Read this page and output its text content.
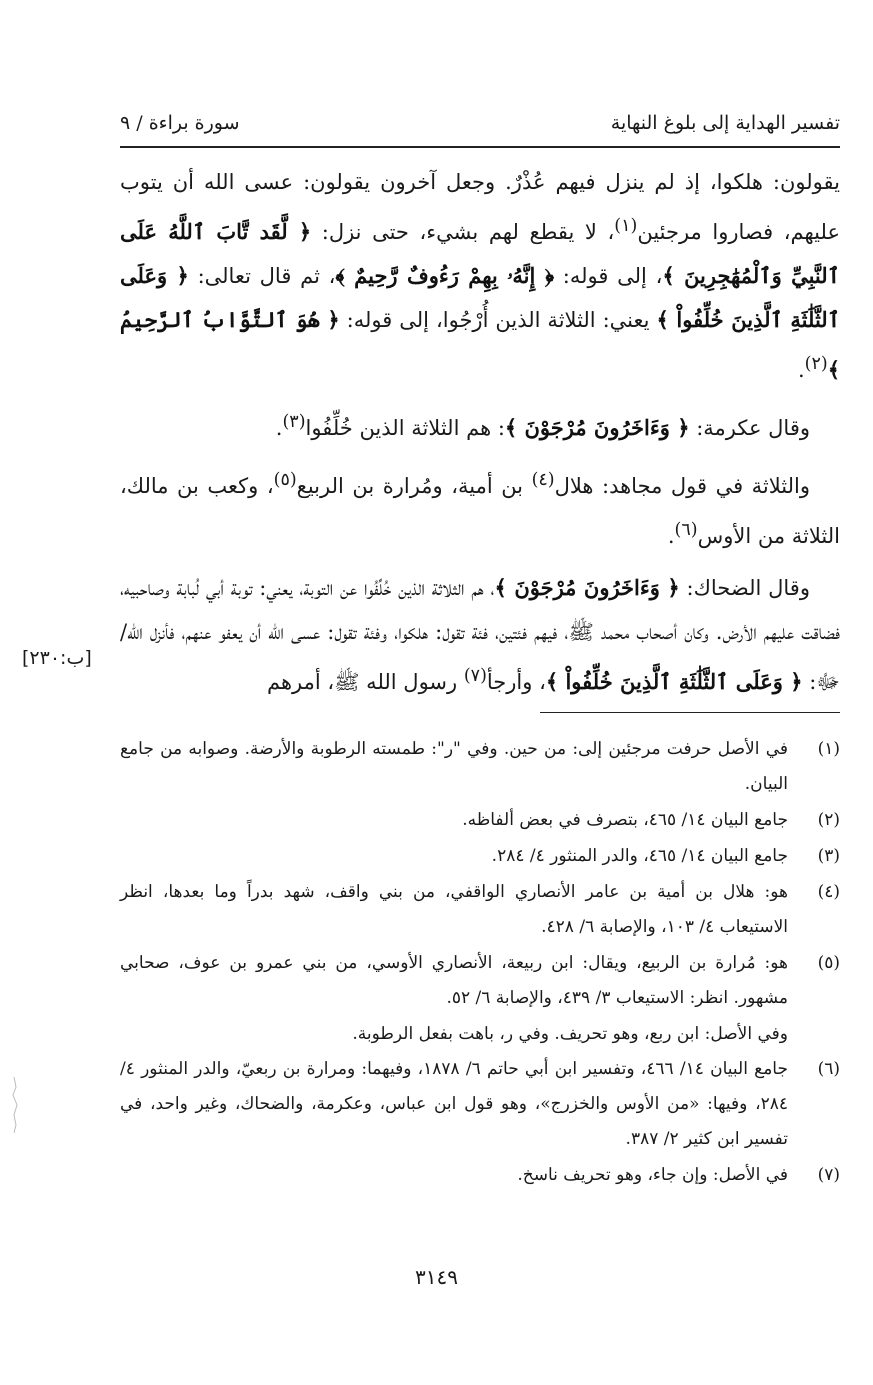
تفسير الهداية إلى بلوغ النهاية
سورة براءة / ٩

يقولون: هلكوا، إذ لم ينزل فيهم عُذْرٌ. وجعل آخرون يقولون: عسى الله أن يتوب عليهم، فصاروا مرجئين$^{(١)}$، لا يقطع لهم بشيء، حتى نزل: ﴿ لَّقَد تَّابَ ٱللَّهُ عَلَى ٱلنَّبِيِّ وَٱلْمُهَٰجِرِينَ ﴾، إلى قوله: ﴿ إِنَّهُۥ بِهِمْ رَءُوفٌ رَّحِيمٌ ﴾، ثم قال تعالى: ﴿ وَعَلَى ٱلثَّلَٰثَةِ ٱلَّذِينَ خُلِّفُواْ ﴾ يعني: الثلاثة الذين أُرْجُوا، إلى قوله: ﴿ هُوَ ٱلتَّوَّابُ ٱلرَّحِيمُ ﴾$^{(٢)}$.

وقال عكرمة: ﴿ وَءَاخَرُونَ مُرْجَوْنَ ﴾: هم الثلاثة الذين خُلِّفُوا$^{(٣)}$.

والثلاثة في قول مجاهد: هلال$^{(٤)}$ بن أمية، ومُرارة بن الربيع$^{(٥)}$، وكعب بن مالك، الثلاثة من الأوس$^{(٦)}$.

وقال الضحاك: ﴿ وَءَاخَرُونَ مُرْجَوْنَ ﴾، هم الثلاثة الذين خُلِّفُوا عن التوبة، يعني: توبة أبي لُبابة وصاحبيه، فضاقت عليهم الأرض. وكان أصحاب محمد ﷺ، فيهم فئتين، فئة تقول: هلكوا، وفئة تقول: عسى الله أن يعفو عنهم، فأنزل الله/ ﷻ: ﴿ وَعَلَى ٱلثَّلَٰثَةِ ٱلَّذِينَ خُلِّفُواْ ﴾، وأرجأ$^{(٧)}$ رسول الله ﷺ، أمرهم

[ب:٢٣٠]
(١)
في الأصل حرفت مرجئين إلى: من حين. وفي "ر": طمسته الرطوبة والأرضة. وصوابه من جامع البيان.
(٢)
جامع البيان ١٤/ ٤٦٥، بتصرف في بعض ألفاظه.
(٣)
جامع البيان ١٤/ ٤٦٥، والدر المنثور ٤/ ٢٨٤.
(٤)
هو: هلال بن أمية بن عامر الأنصاري الواقفي، من بني واقف، شهد بدراً وما بعدها، انظر الاستيعاب ٤/ ١٠٣، والإصابة ٦/ ٤٢٨.
(٥)
هو: مُرارة بن الربيع، ويقال: ابن ربيعة، الأنصاري الأوسي، من بني عمرو بن عوف، صحابي مشهور. انظر: الاستيعاب ٣/ ٤٣٩، والإصابة ٦/ ٥٢.
وفي الأصل: ابن ربع، وهو تحريف. وفي ر، باهت بفعل الرطوبة.
(٦)
جامع البيان ١٤/ ٤٦٦، وتفسير ابن أبي حاتم ٦/ ١٨٧٨، وفيهما: ومرارة بن ربعيّ، والدر المنثور ٤/ ٢٨٤، وفيها: «من الأوس والخزرج»، وهو قول ابن عباس، وعكرمة، والضحاك، وغير واحد، في تفسير ابن كثير ٢/ ٣٨٧.
(٧)
في الأصل: وإن جاء، وهو تحريف ناسخ.
٣١٤٩
